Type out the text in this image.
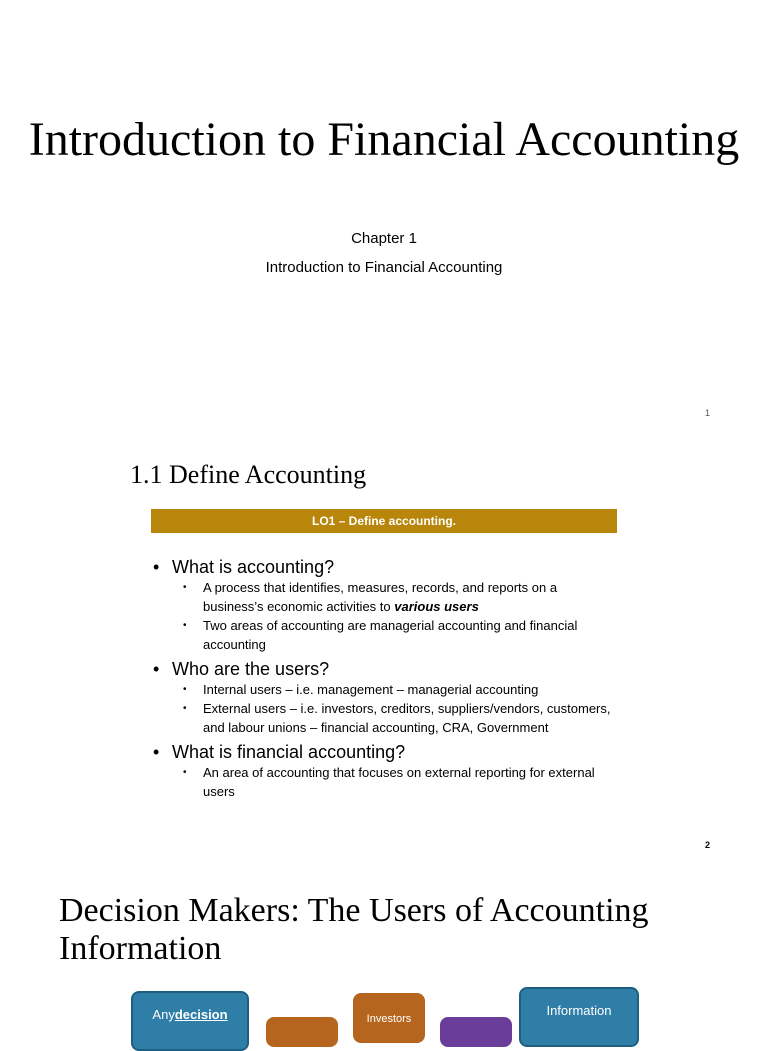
Introduction to Financial Accounting
Chapter 1
Introduction to Financial Accounting
1
1.1 Define Accounting
LO1 – Define accounting.
• What is accounting?
•	A process that identifies, measures, records, and reports on a business’s economic activities to various users
•	Two areas of accounting are managerial accounting and financial accounting
• Who are the users?
•	Internal users – i.e. management – managerial accounting
•	External users – i.e. investors, creditors, suppliers/vendors, customers, and labour unions – financial accounting, CRA, Government
• What is financial accounting?
•	An area of accounting that focuses on external reporting for external users
2
Decision Makers: The Users of Accounting Information
Any decision	Investors
Information
